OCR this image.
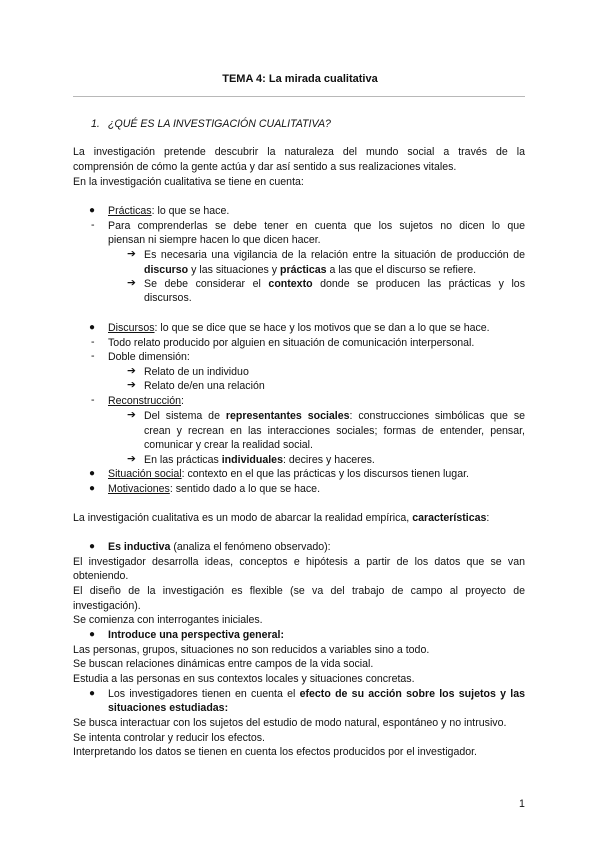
TEMA 4: La mirada cualitativa
1. ¿QUÉ ES LA INVESTIGACIÓN CUALITATIVA?
La investigación pretende descubrir la naturaleza del mundo social a través de la
comprensión de cómo la gente actúa y dar así sentido a sus realizaciones vitales.
En la investigación cualitativa se tiene en cuenta:
● Prácticas: lo que se hace.
- Para comprenderlas se debe tener en cuenta que los sujetos no dicen lo que
piensan ni siempre hacen lo que dicen hacer.
➔ Es necesaria una vigilancia de la relación entre la situación de producción de
discurso y las situaciones y prácticas a las que el discurso se refiere.
➔ Se debe considerar el contexto donde se producen las prácticas y los
discursos.
● Discursos: lo que se dice que se hace y los motivos que se dan a lo que se hace.
- Todo relato producido por alguien en situación de comunicación interpersonal.
- Doble dimensión:
➔ Relato de un individuo
➔ Relato de/en una relación
- Reconstrucción:
➔ Del sistema de representantes sociales: construcciones simbólicas que se
crean y recrean en las interacciones sociales; formas de entender, pensar,
comunicar y crear la realidad social.
➔ En las prácticas individuales: decires y haceres.
● Situación social: contexto en el que las prácticas y los discursos tienen lugar.
● Motivaciones: sentido dado a lo que se hace.
La investigación cualitativa es un modo de abarcar la realidad empírica, características:
● Es inductiva (analiza el fenómeno observado):
El investigador desarrolla ideas, conceptos e hipótesis a partir de los datos que se van
obteniendo.
El diseño de la investigación es flexible (se va del trabajo de campo al proyecto de
investigación).
Se comienza con interrogantes iniciales.
● Introduce una perspectiva general:
Las personas, grupos, situaciones no son reducidos a variables sino a todo.
Se buscan relaciones dinámicas entre campos de la vida social.
Estudia a las personas en sus contextos locales y situaciones concretas.
● Los investigadores tienen en cuenta el efecto de su acción sobre los sujetos y las
situaciones estudiadas:
Se busca interactuar con los sujetos del estudio de modo natural, espontáneo y no intrusivo.
Se intenta controlar y reducir los efectos.
Interpretando los datos se tienen en cuenta los efectos producidos por el investigador.
1
